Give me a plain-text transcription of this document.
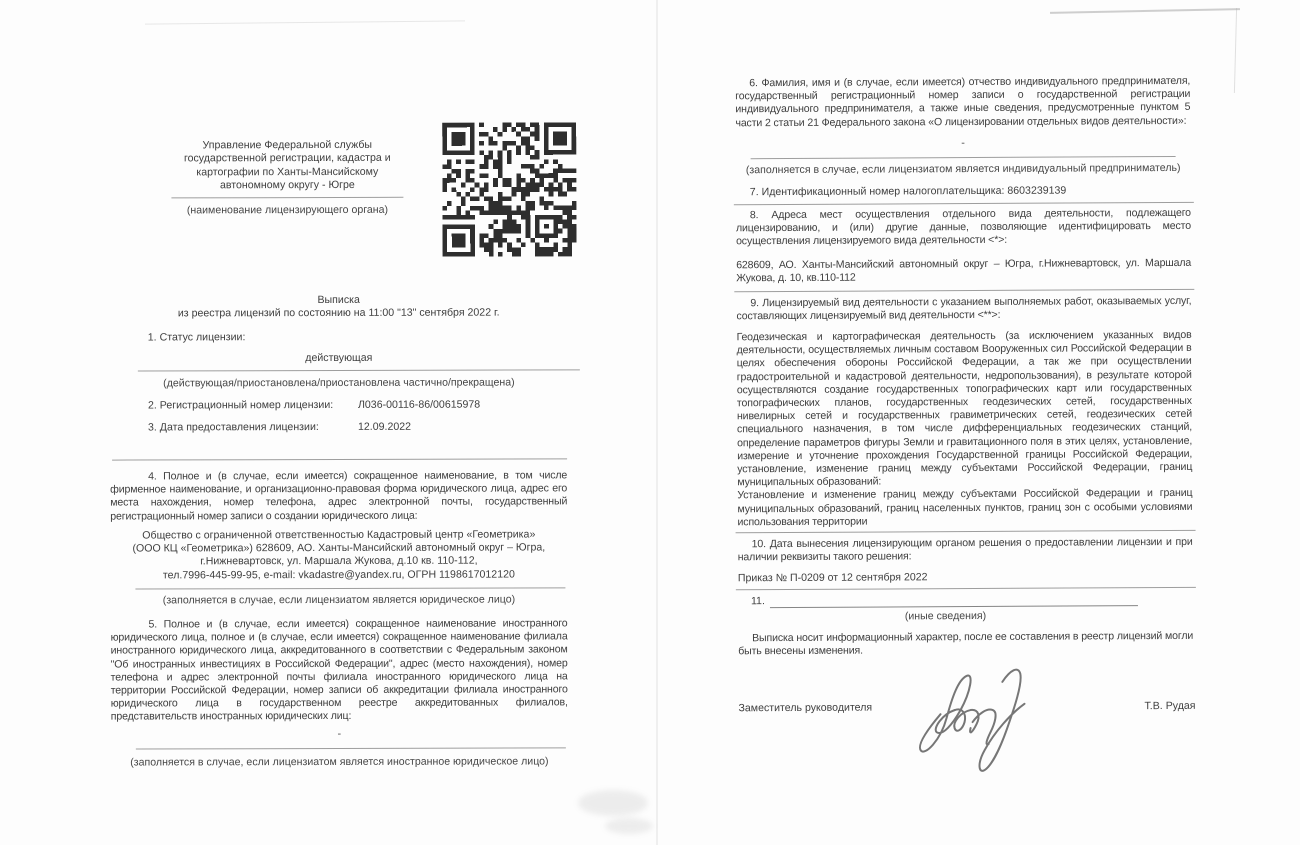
Управление Федеральной службы
государственной регистрации, кадастра и
картографии по Ханты-Мансийскому
автономному округу - Югре
(наименование лицензирующего органа)
Выписка
из реестра лицензий по состоянию на 11:00 "13" сентября 2022 г.
1. Статус лицензии:
действующая
(действующая/приостановлена/приостановлена частично/прекращена)
2. Регистрационный номер лицензии:	Л036-00116-86/00615978
3. Дата предоставления лицензии:	12.09.2022
4. Полное и (в случае, если имеется) сокращенное наименование, в том числе фирменное наименование, и организационно-правовая форма юридического лица, адрес его места нахождения, номер телефона, адрес электронной почты, государственный регистрационный номер записи о создании юридического лица:
Общество с ограниченной ответственностью Кадастровый центр «Геометрика»
(ООО КЦ «Геометрика») 628609, АО. Ханты-Мансийский автономный округ – Югра,
г.Нижневартовск, ул. Маршала Жукова, д.10 кв. 110-112,
тел.7996-445-99-95, e-mail: vkadastre@yandex.ru, ОГРН 1198617012120
(заполняется в случае, если лицензиатом является юридическое лицо)
5. Полное и (в случае, если имеется) сокращенное наименование иностранного юридического лица, полное и (в случае, если имеется) сокращенное наименование филиала иностранного юридического лица, аккредитованного в соответствии с Федеральным законом "Об иностранных инвестициях в Российской Федерации", адрес (место нахождения), номер телефона и адрес электронной почты филиала иностранного юридического лица на территории Российской Федерации, номер записи об аккредитации филиала иностранного юридического лица в государственном реестре аккредитованных филиалов, представительств иностранных юридических лиц:
-
(заполняется в случае, если лицензиатом является иностранное юридическое лицо)
6. Фамилия, имя и (в случае, если имеется) отчество индивидуального предпринимателя, государственный регистрационный номер записи о государственной регистрации индивидуального предпринимателя, а также иные сведения, предусмотренные пунктом 5 части 2 статьи 21 Федерального закона «О лицензировании отдельных видов деятельности»:
-
(заполняется в случае, если лицензиатом является индивидуальный предприниматель)
7. Идентификационный номер налогоплательщика: 8603239139
8. Адреса мест осуществления отдельного вида деятельности, подлежащего лицензированию, и (или) другие данные, позволяющие идентифицировать место осуществления лицензируемого вида деятельности <*>:
628609, АО. Ханты-Мансийский автономный округ – Югра, г.Нижневартовск, ул. Маршала Жукова, д. 10, кв.110-112
9. Лицензируемый вид деятельности с указанием выполняемых работ, оказываемых услуг, составляющих лицензируемый вид деятельности <**>:
Геодезическая и картографическая деятельность (за исключением указанных видов деятельности, осуществляемых личным составом Вооруженных сил Российской Федерации в целях обеспечения обороны Российской Федерации, а так же при осуществлении градостроительной и кадастровой деятельности, недропользования), в результате которой осуществляются создание государственных топографических карт или государственных топографических планов, государственных геодезических сетей, государственных нивелирных сетей и государственных гравиметрических сетей, геодезических сетей специального назначения, в том числе дифференциальных геодезических станций, определение параметров фигуры Земли и гравитационного поля в этих целях, установление, измерение и уточнение прохождения Государственной границы Российской Федерации, установление, изменение границ между субъектами Российской Федерации, границ муниципальных образований:
Установление и изменение границ между субъектами Российской Федерации и границ муниципальных образований, границ населенных пунктов, границ зон с особыми условиями использования территории
10. Дата вынесения лицензирующим органом решения о предоставлении лицензии и при наличии реквизиты такого решения:
Приказ № П-0209 от 12 сентября 2022
11.
(иные сведения)
Выписка носит информационный характер, после ее составления в реестр лицензий могли быть внесены изменения.
Заместитель руководителя	Т.В. Рудая
